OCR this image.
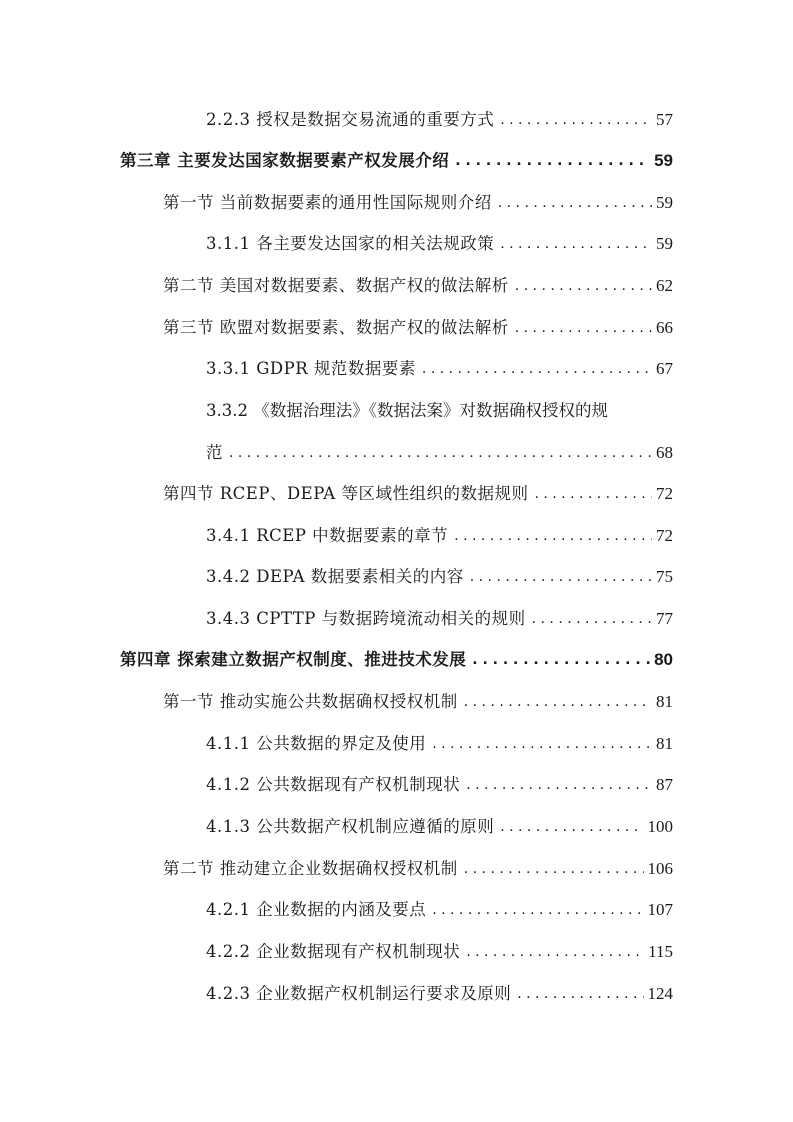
2.2.3 授权是数据交易流通的重要方式 . . .	57
第三章 主要发达国家数据要素产权发展介绍 . . .	59
第一节 当前数据要素的通用性国际规则介绍 . . .	59
3.1.1 各主要发达国家的相关法规政策 . . .	59
第二节 美国对数据要素、数据产权的做法解析 . . .	62
第三节 欧盟对数据要素、数据产权的做法解析 . . .	66
3.3.1 GDPR 规范数据要素 . . .	67
3.3.2 《数据治理法》《数据法案》对数据确权授权的规
范 . . .	68
第四节 RCEP、DEPA 等区域性组织的数据规则 . . .	72
3.4.1 RCEP 中数据要素的章节 . . .	72
3.4.2 DEPA 数据要素相关的内容 . . .	75
3.4.3 CPTTP 与数据跨境流动相关的规则 . . .	77
第四章 探索建立数据产权制度、推进技术发展 . . .	80
第一节 推动实施公共数据确权授权机制 . . .	81
4.1.1 公共数据的界定及使用 . . .	81
4.1.2 公共数据现有产权机制现状 . . .	87
4.1.3 公共数据产权机制应遵循的原则 . . .	100
第二节 推动建立企业数据确权授权机制 . . .	106
4.2.1 企业数据的内涵及要点 . . .	107
4.2.2 企业数据现有产权机制现状 . . .	115
4.2.3 企业数据产权机制运行要求及原则 . . .	124
